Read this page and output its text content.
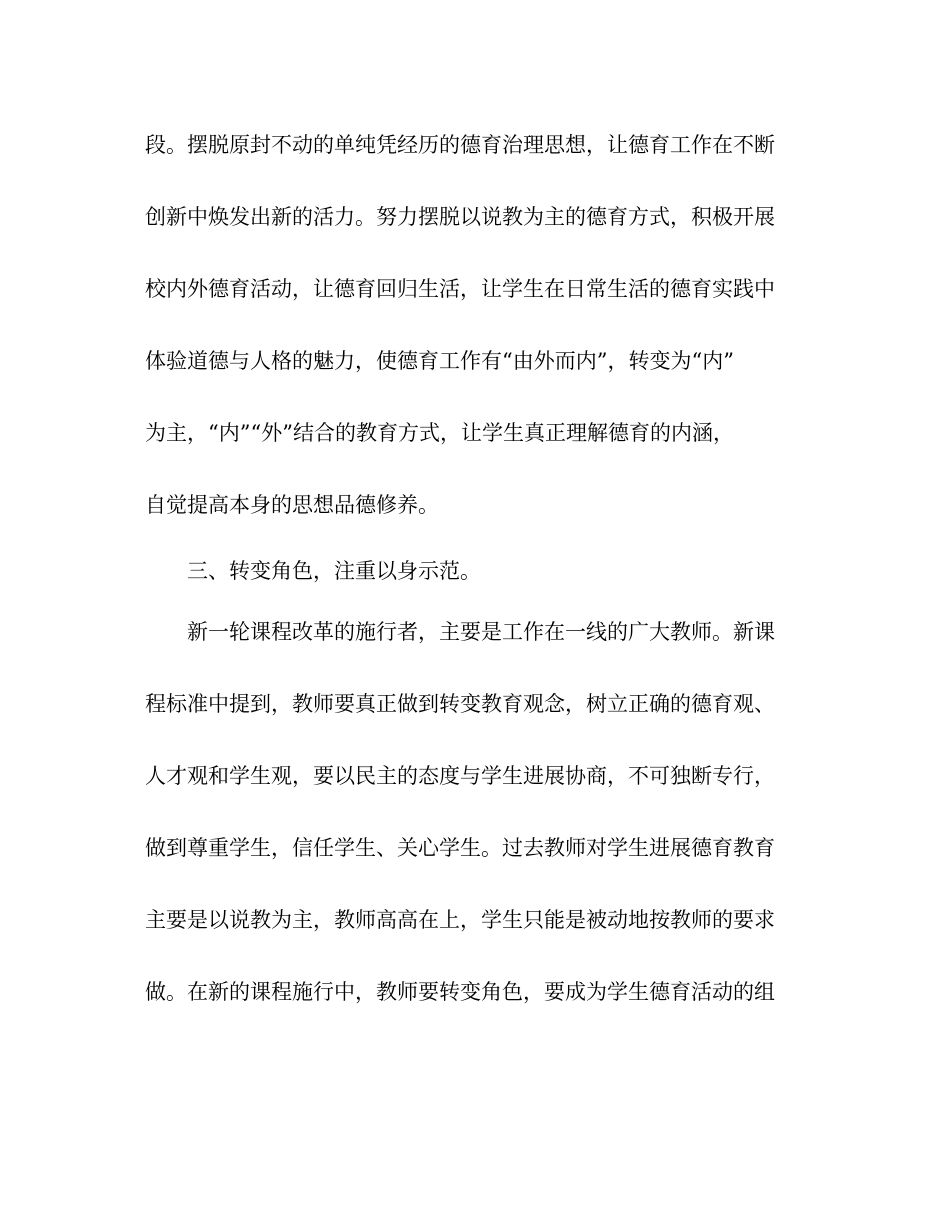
段。摆脱原封不动的单纯凭经历的德育治理思想，让德育工作在不断
创新中焕发出新的活力。努力摆脱以说教为主的德育方式，积极开展
校内外德育活动，让德育回归生活，让学生在日常生活的德育实践中
体验道德与人格的魅力，使德育工作有“由外而内”，转变为“内”
为主，“内”“外”结合的教育方式，让学生真正理解德育的内涵，
自觉提高本身的思想品德修养。
三、转变角色，注重以身示范。
新一轮课程改革的施行者，主要是工作在一线的广大教师。新课
程标准中提到，教师要真正做到转变教育观念，树立正确的德育观、
人才观和学生观，要以民主的态度与学生进展协商，不可独断专行，
做到尊重学生，信任学生、关心学生。过去教师对学生进展德育教育
主要是以说教为主，教师高高在上，学生只能是被动地按教师的要求
做。在新的课程施行中，教师要转变角色，要成为学生德育活动的组
